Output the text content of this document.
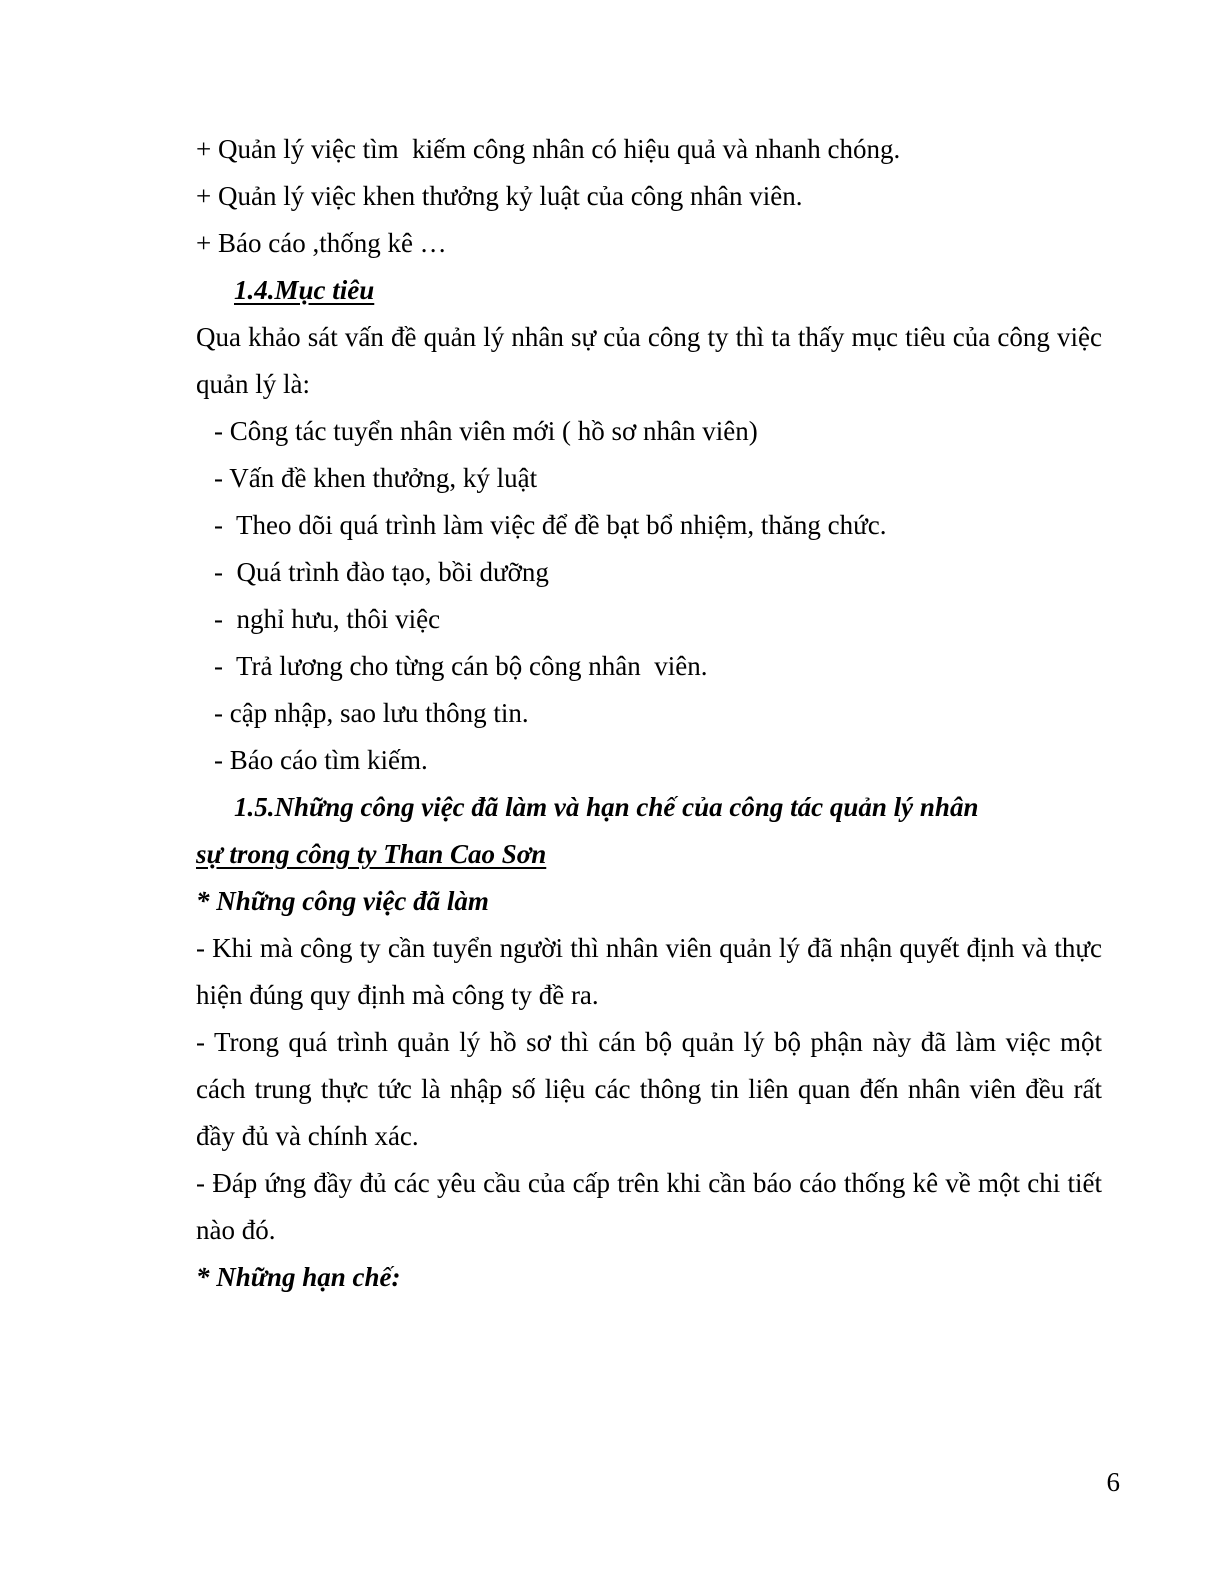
+ Quản lý việc tìm  kiếm công nhân có hiệu quả và nhanh chóng.

+ Quản lý việc khen thưởng kỷ luật của công nhân viên.

+ Báo cáo ,thống kê …

1.4.Mục tiêu

Qua khảo sát vấn đề quản lý nhân sự của công ty thì ta thấy mục tiêu của công việc quản lý là:

- Công tác tuyển nhân viên mới ( hồ sơ nhân viên)

- Vấn đề khen thưởng, ký luật

-  Theo dõi quá trình làm việc để đề bạt bổ nhiệm, thăng chức.

-  Quá trình đào tạo, bồi dưỡng

-  nghỉ hưu, thôi việc

-  Trả lương cho từng cán bộ công nhân  viên.

- cập nhập, sao lưu thông tin.

- Báo cáo tìm kiếm.

1.5.Những công việc đã làm và hạn chế của công tác quản lý nhân

sự trong công ty Than Cao Sơn

* Những công việc đã làm

- Khi mà công ty cần tuyển người thì nhân viên quản lý đã nhận quyết định và thực hiện đúng quy định mà công ty đề ra.

- Trong quá trình quản lý hồ sơ thì cán bộ quản lý bộ phận này đã làm việc một cách trung thực tức là nhập số liệu các thông tin liên quan đến nhân viên đều rất đầy đủ và chính xác.

- Đáp ứng đầy đủ các yêu cầu của cấp trên khi cần báo cáo thống kê về một chi tiết nào đó.

* Những hạn chế:

6
